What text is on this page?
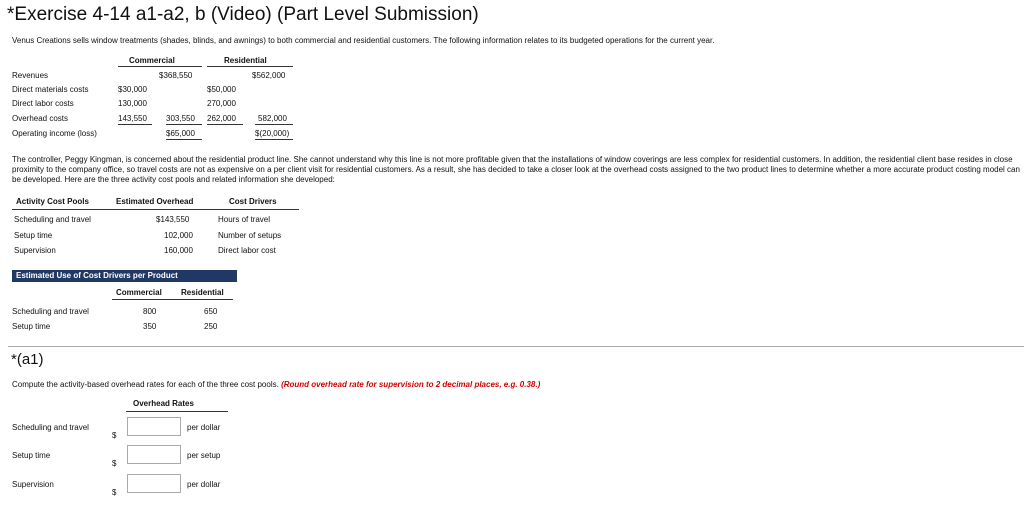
*Exercise 4-14 a1-a2, b (Video) (Part Level Submission)
Venus Creations sells window treatments (shades, blinds, and awnings) to both commercial and residential customers. The following information relates to its budgeted operations for the current year.
Commercial	Residential
Revenues	$368,550	$562,000
Direct materials costs	$30,000	$50,000
Direct labor costs	130,000	270,000
Overhead costs	143,550 303,550 262,000	582,000
Operating income (loss)	$65,000	$(20,000)
The controller, Peggy Kingman, is concerned about the residential product line. She cannot understand why this line is not more profitable given that the installations of window coverings are less complex for residential customers. In addition, the residential client base resides in close proximity to the company office, so travel costs are not as expensive on a per client visit for residential customers. As a result, she has decided to take a closer look at the overhead costs assigned to the two product lines to determine whether a more accurate product costing model can be developed. Here are the three activity cost pools and related information she developed:
Activity Cost Pools	Estimated Overhead	Cost Drivers
Scheduling and travel	$143,550	Hours of travel
Setup time	102,000	Number of setups
Supervision	160,000	Direct labor cost
Estimated Use of Cost Drivers per Product
Commercial Residential
Scheduling and travel	800	650
Setup time	350	250
*(a1)
Compute the activity-based overhead rates for each of the three cost pools. (Round overhead rate for supervision to 2 decimal places, e.g. 0.38.)
Overhead Rates
Scheduling and travel
$
per dollar
Setup time
$
per setup
Supervision
$
per dollar
